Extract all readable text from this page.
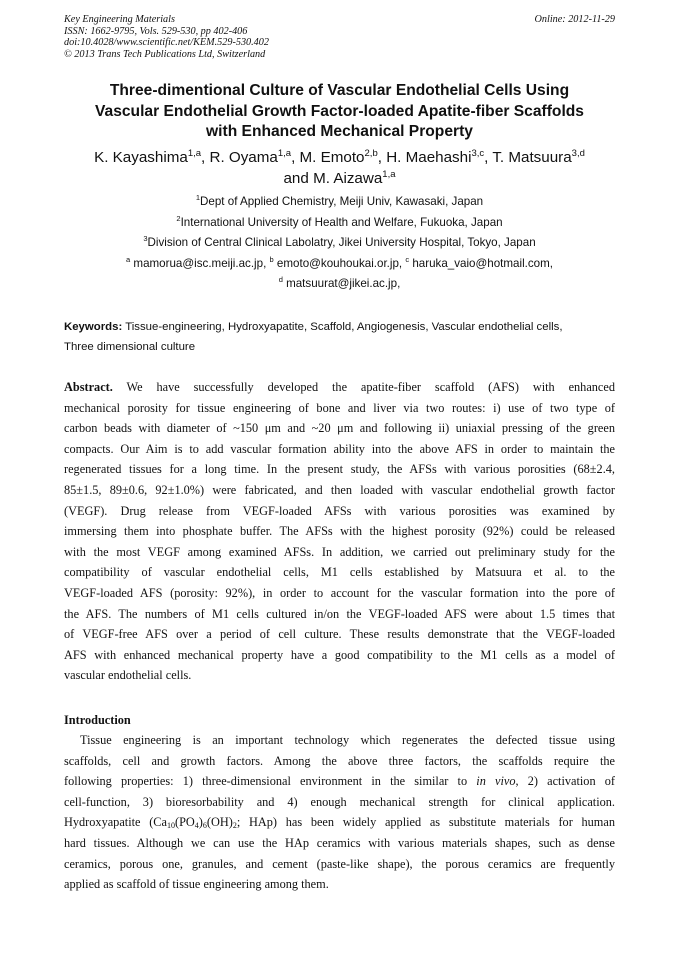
Key Engineering Materials
ISSN: 1662-9795, Vols. 529-530, pp 402-406
doi:10.4028/www.scientific.net/KEM.529-530.402
© 2013 Trans Tech Publications Ltd, Switzerland
Online: 2012-11-29
Three-dimentional Culture of Vascular Endothelial Cells Using
Vascular Endothelial Growth Factor-loaded Apatite-fiber Scaffolds
with Enhanced Mechanical Property
K. Kayashima$^{1,a}$, R. Oyama$^{1,a}$, M. Emoto$^{2,b}$, H. Maehashi$^{3,c}$, T. Matsuura$^{3,d}$
and M. Aizawa$^{1,a}$
$^1$Dept of Applied Chemistry, Meiji Univ, Kawasaki, Japan
$^2$International University of Health and Welfare, Fukuoka, Japan
$^3$Division of Central Clinical Labolatry, Jikei University Hospital, Tokyo, Japan
$^a$ mamorua@isc.meiji.ac.jp, $^b$ emoto@kouhoukai.or.jp, $^c$ haruka_vaio@hotmail.com,
$^d$ matsuurat@jikei.ac.jp,
Keywords: Tissue-engineering, Hydroxyapatite, Scaffold, Angiogenesis, Vascular endothelial cells,
Three dimensional culture
Abstract. We have successfully developed the apatite-fiber scaffold (AFS) with enhanced
mechanical porosity for tissue engineering of bone and liver via two routes: i) use of two type of
carbon beads with diameter of ~150 μm and ~20 μm and following ii) uniaxial pressing of the green
compacts. Our Aim is to add vascular formation ability into the above AFS in order to maintain the
regenerated tissues for a long time. In the present study, the AFSs with various porosities (68±2.4,
85±1.5, 89±0.6, 92±1.0%) were fabricated, and then loaded with vascular endothelial growth factor
(VEGF). Drug release from VEGF-loaded AFSs with various porosities was examined by
immersing them into phosphate buffer. The AFSs with the highest porosity (92%) could be released
with the most VEGF among examined AFSs. In addition, we carried out preliminary study for the
compatibility of vascular endothelial cells, M1 cells established by Matsuura et al. to the
VEGF-loaded AFS (porosity: 92%), in order to account for the vascular formation into the pore of
the AFS. The numbers of M1 cells cultured in/on the VEGF-loaded AFS were about 1.5 times that
of VEGF-free AFS over a period of cell culture. These results demonstrate that the VEGF-loaded
AFS with enhanced mechanical property have a good compatibility to the M1 cells as a model of
vascular endothelial cells.
Introduction
Tissue engineering is an important technology which regenerates the defected tissue using
scaffolds, cell and growth factors. Among the above three factors, the scaffolds require the
following properties: 1) three-dimensional environment in the similar to in vivo, 2) activation of
cell-function, 3) bioresorbability and 4) enough mechanical strength for clinical application.
Hydroxyapatite ($Ca_{10}(PO_4)_6(OH)_2$; HAp) has been widely applied as substitute materials for human
hard tissues. Although we can use the HAp ceramics with various materials shapes, such as dense
ceramics, porous one, granules, and cement (paste-like shape), the porous ceramics are frequently
applied as scaffold of tissue engineering among them.
